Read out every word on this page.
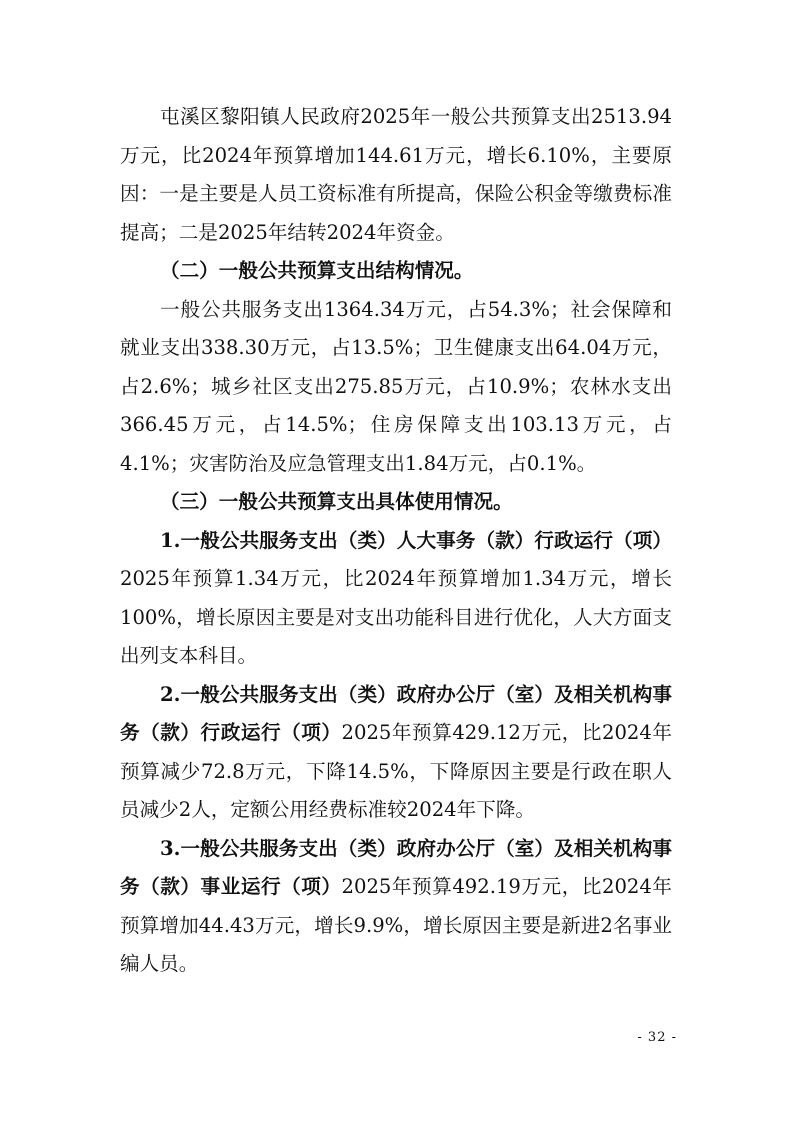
屯溪区黎阳镇人民政府2025年一般公共预算支出2513.94万元，比2024年预算增加144.61万元，增长6.10%，主要原因：一是主要是人员工资标准有所提高，保险公积金等缴费标准提高；二是2025年结转2024年资金。

（二）一般公共预算支出结构情况。

一般公共服务支出1364.34万元，占54.3%；社会保障和就业支出338.30万元，占13.5%；卫生健康支出64.04万元，占2.6%；城乡社区支出275.85万元，占10.9%；农林水支出366.45万元，占14.5%；住房保障支出103.13万元，占4.1%；灾害防治及应急管理支出1.84万元，占0.1%。

（三）一般公共预算支出具体使用情况。

1.一般公共服务支出（类）人大事务（款）行政运行（项）2025年预算1.34万元，比2024年预算增加1.34万元，增长100%，增长原因主要是对支出功能科目进行优化，人大方面支出列支本科目。

2.一般公共服务支出（类）政府办公厅（室）及相关机构事务（款）行政运行（项）2025年预算429.12万元，比2024年预算减少72.8万元，下降14.5%，下降原因主要是行政在职人员减少2人，定额公用经费标准较2024年下降。

3.一般公共服务支出（类）政府办公厅（室）及相关机构事务（款）事业运行（项）2025年预算492.19万元，比2024年预算增加44.43万元，增长9.9%，增长原因主要是新进2名事业编人员。

- 32 -
